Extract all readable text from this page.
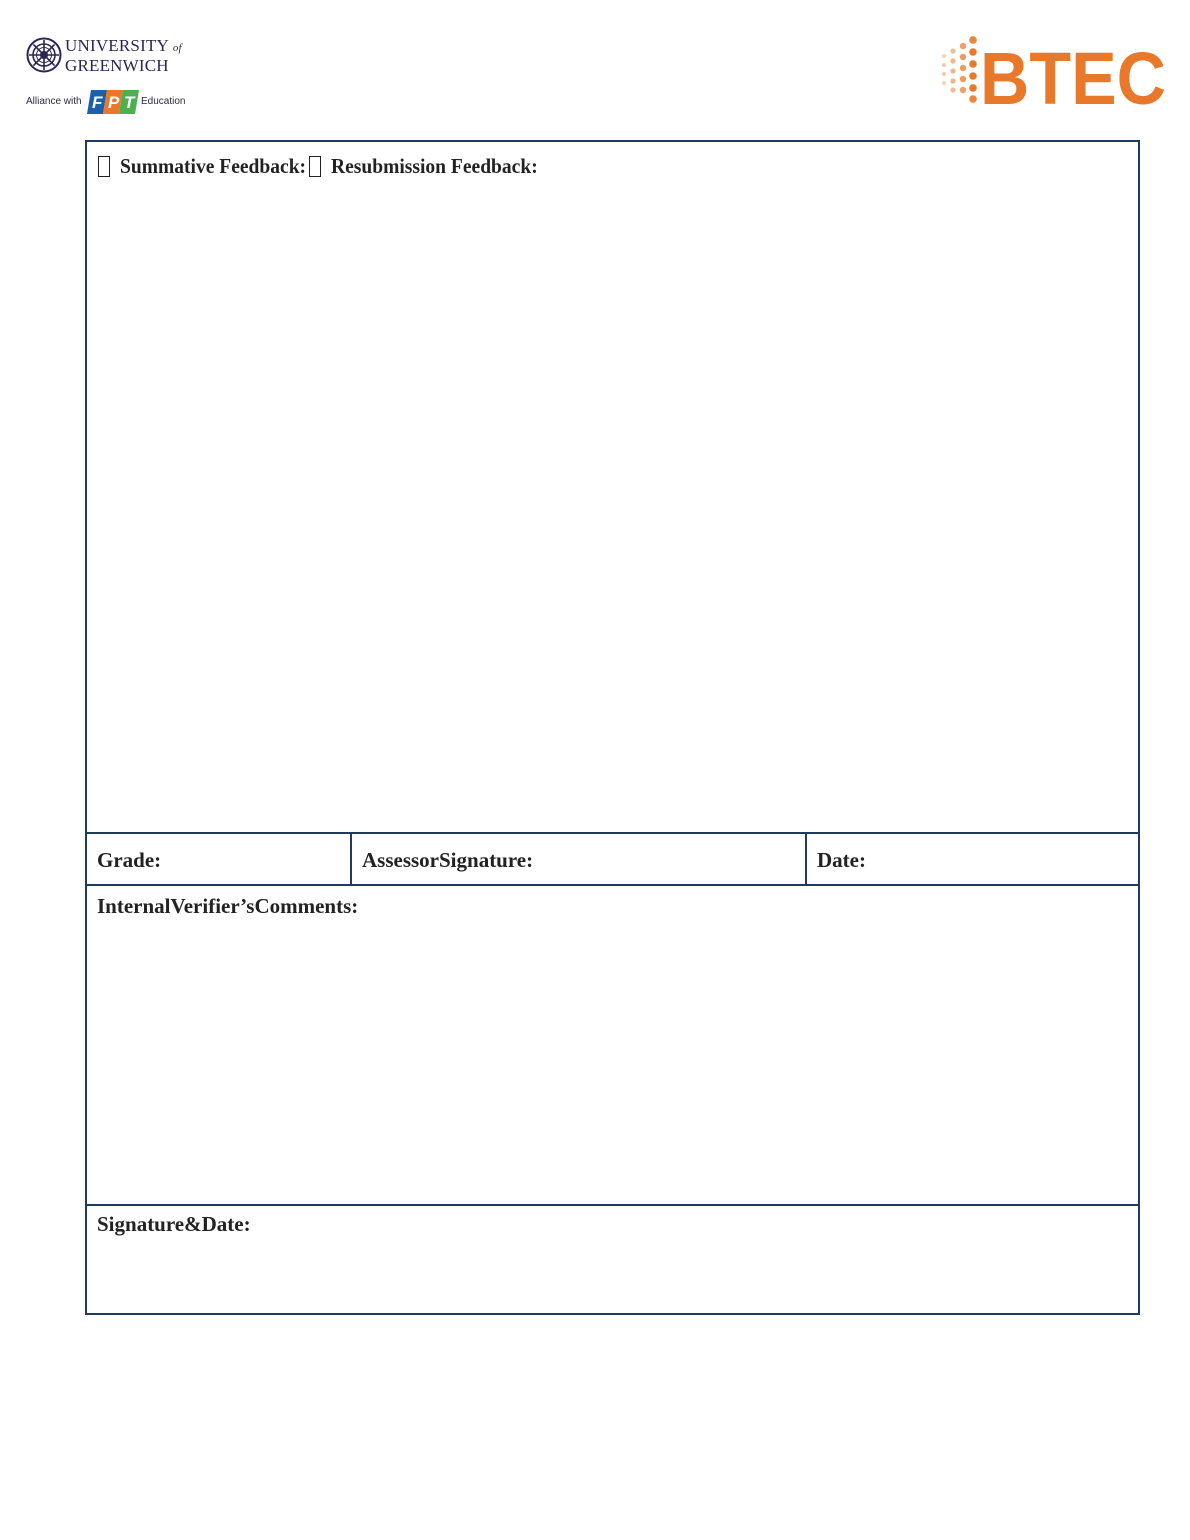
UNIVERSITY of
GREENWICH
Alliance with F P T Education	BTEC
Summative Feedback: Resubmission Feedback:
Grade:	AssessorSignature:	Date:
InternalVerifier’sComments:
Signature&Date:
